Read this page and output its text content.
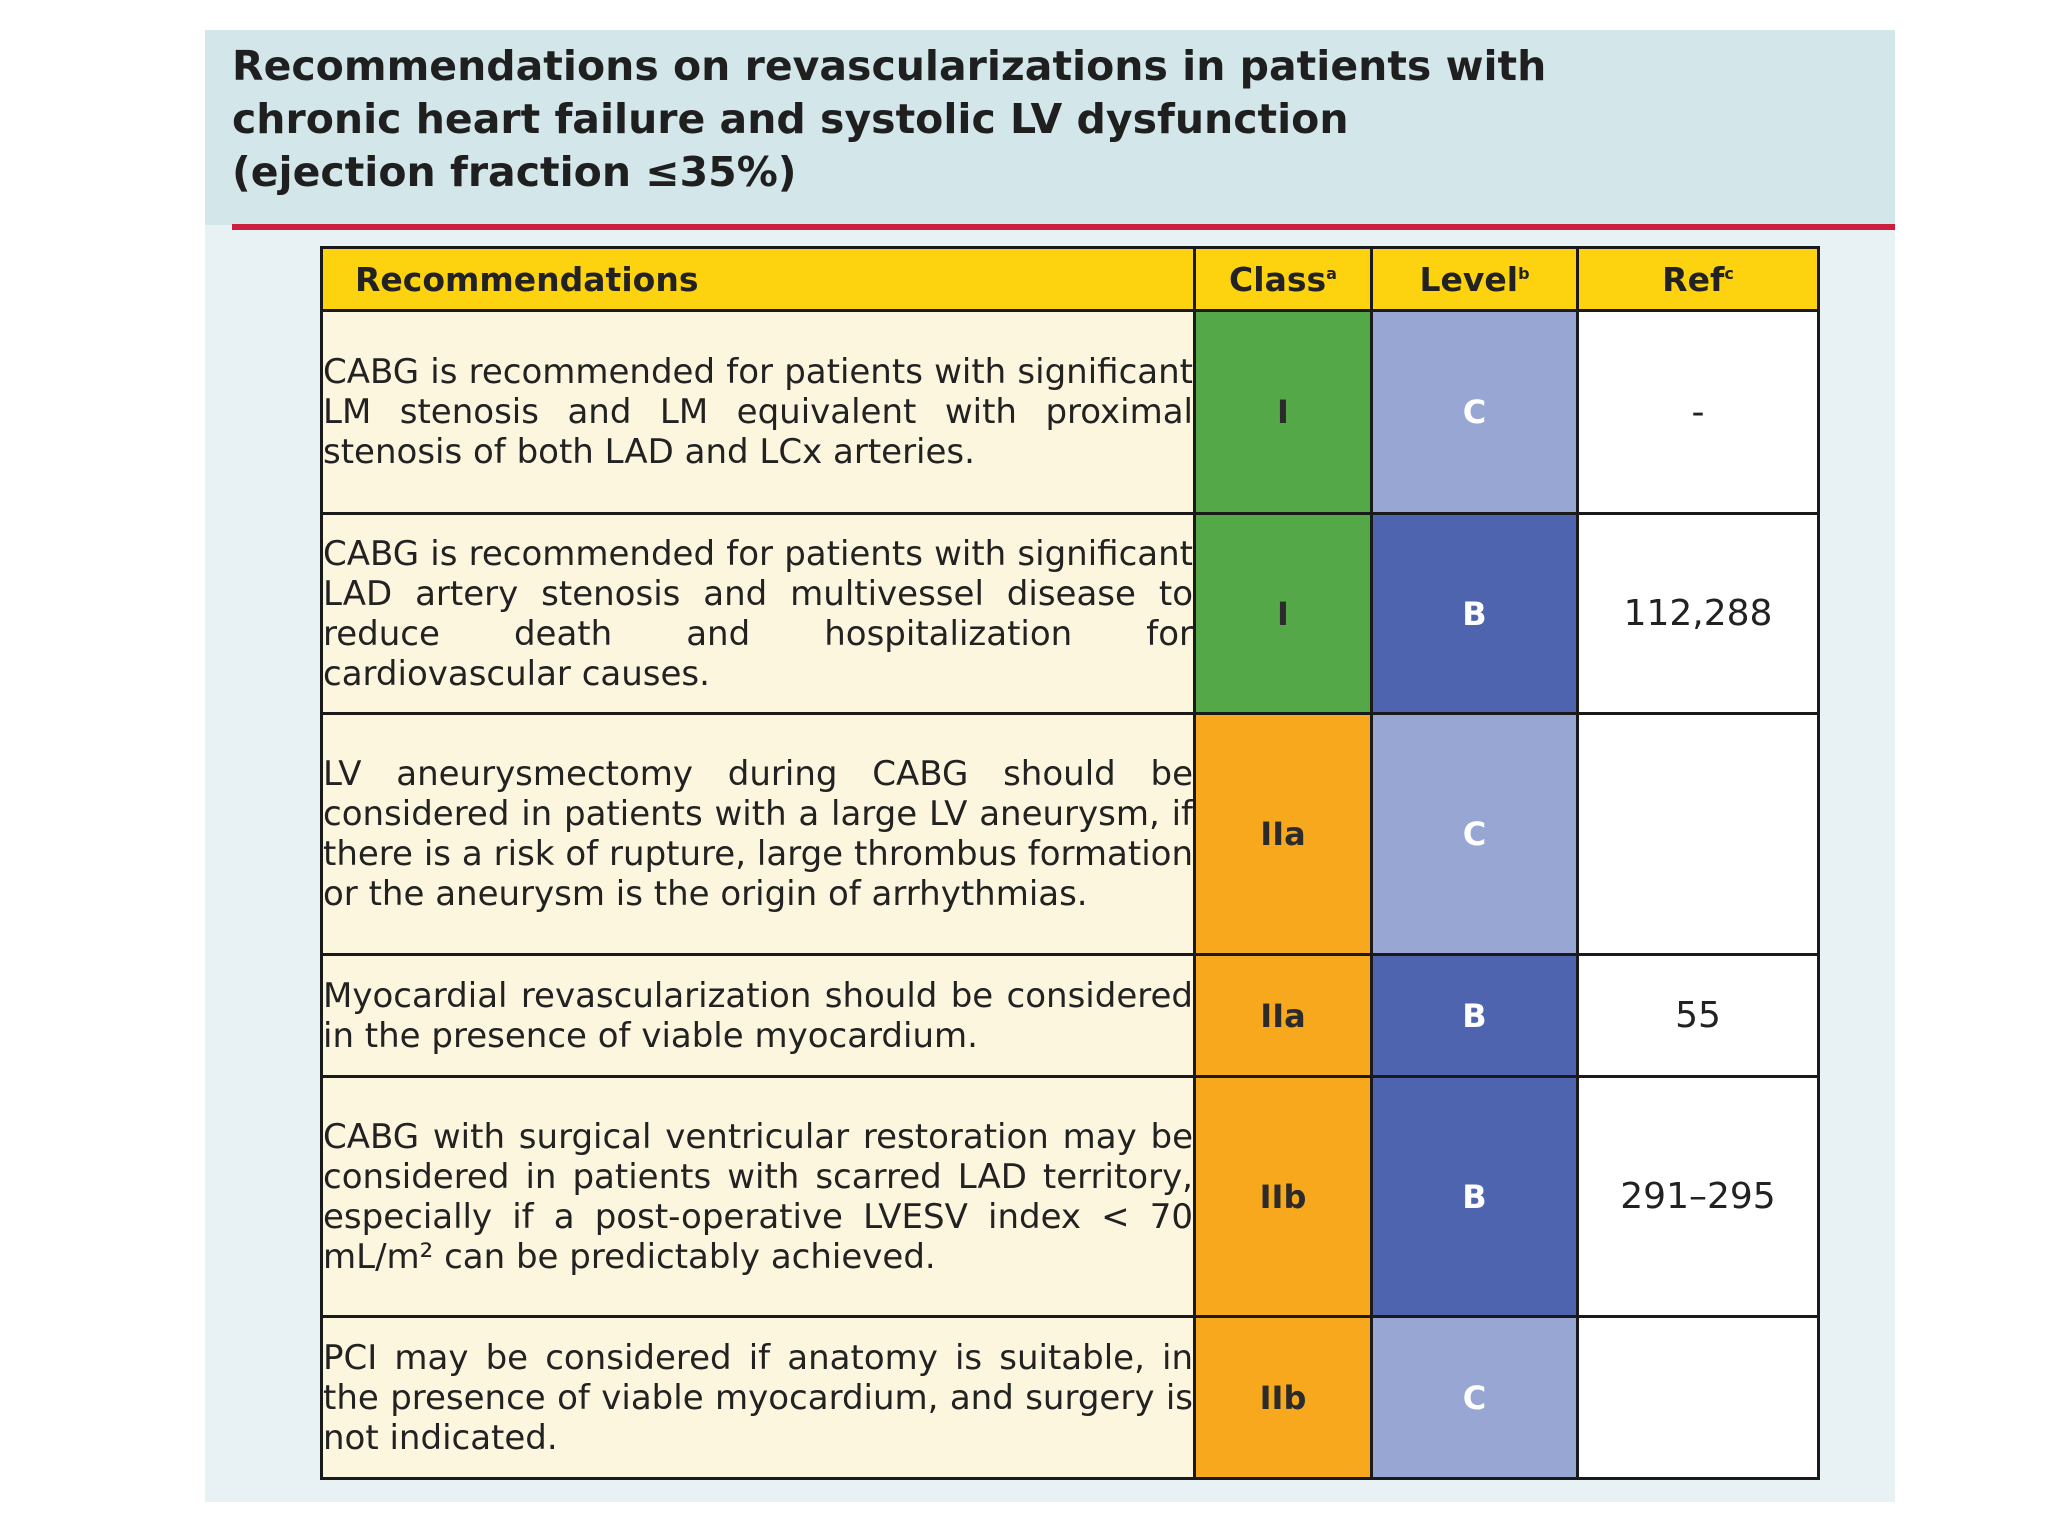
Recommendations on revascularizations in patients with
chronic heart failure and systolic LV dysfunction
(ejection fraction ≤35%)
Recommendations	Class$^a$	Level$^b$	Ref$^c$
CABG is recommended for patients with significant LM stenosis and LM equivalent with proximal stenosis of both LAD and LCx arteries.	I	C	-
CABG is recommended for patients with significant LAD artery stenosis and multivessel disease to reduce death and hospitalization for cardiovascular causes.	I	B	112,288
LV aneurysmectomy during CABG should be considered in patients with a large LV aneurysm, if there is a risk of rupture, large thrombus formation or the aneurysm is the origin of arrhythmias.	IIa	C	
Myocardial revascularization should be considered in the presence of viable myocardium.	IIa	B	55
CABG with surgical ventricular restoration may be considered in patients with scarred LAD territory, especially if a post-operative LVESV index < 70 mL/m² can be predictably achieved.	IIb	B	291–295
PCI may be considered if anatomy is suitable, in the presence of viable myocardium, and surgery is not indicated.	IIb	C	
